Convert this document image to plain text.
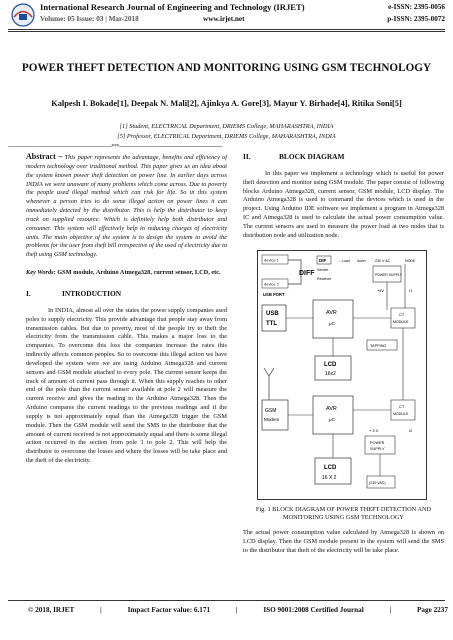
International Research Journal of Engineering and Technology (IRJET)
Volume: 05 Issue: 03 | Mar-2018	www.irjet.net
e-ISSN: 2395-0056
p-ISSN: 2395-0072
POWER THEFT DETECTION AND MONITORING USING GSM TECHNOLOGY
Kalpesh I. Bokade[1], Deepak N. Mali[2], Ajinkya A. Gore[3], Mayur Y. Birhade[4], Ritika Soni[5]
[1] Student, ELECTRICAL Department, DRIEMS College, MAHARASHTRA, INDIA
[5] Professor, ELECTRICAL Department, DRIEMS College, MAHARASHTRA, INDIA
---------------------------------------------------------------------***---------------------------------------------------------------------
Abstract – This paper represents the advantage, benefits and efficiency of modern technology over traditional method. This paper gives us an idea about the system known power theft detection on power line. In earlier days across INDIA we were unaware of many problems which come across. Due to poverty the people used illegal method which can risk for life. So in this system whenever a person tries to do some illegal action on power lines it can immediately detected by the distributor. This is help the distributor to keep track on supplied resource. Which is definitely help both distributor and consumer. This system will effectively help in reducing charges of electricity units. The main objective of the system is to design the system to avoid the problems for the user from theft bill irrespective of the used of electricity due to theft using GSM technology.
Key Words: GSM module, Arduino Atmega328, current sensor, LCD, etc.
I.	INTRODUCTION
In INDIA, almost all over the states the power supply companies used poles to supply electricity. This provide advantage that people stay away from transmission cables. But due to poverty, most of the people try to theft the electricity from the transmission cable. This makes a major loss to the companies. To overcome this loss the companies increase the rates this indirectly affects common peoples. So to overcome this illegal action we have developed the system were we are using Arduino Atmega328 and current sensors and GSM module attached to every pole. The current sensor keeps the track of amount of current pass through it. When this supply reaches to other end of the pole than the current sensor available at pole 2 will measure the current receive and gives the reading to the Arduino Atmega328. Then the Arduino compares the current readings to the previous readings and if the supply is not approximately equal than the Atmega328 trigger the GSM module. Then the GSM module will send the SMS to the distributor that the amount of current received is not approximately equal and there is some illegal action occurred in the section from pole 1 to pole 2. This will help the distributor to overcome the losses and where the losses will be take place and the theft of the electricity.
II.	BLOCK DIAGRAM
In this paper we implement a technology which is useful for power theft detection and monitor using GSM module. The paper consist of following blocks Arduino Atmega328, current sensor, GSM module, LCD display. The Arduino Atmega328 is used to command the devices which is used in the project. Using Arduino IDE software we implement a program in Atmega328 IC and Atmega328 is used to calculate the actual power consumption value. The current sensors are used to measure the power load at two nodes that is distribution node and utilization node.
device 1
device 2
DIFF
DIF
Sender
Receiver
→ Load down	230 V AC	NODE
POWER SUPPLY
USB PORT
+5V	I1
USB
TTL
AVR
μC
CT
MODULE
TAPPING
LCD
16x2
GSM
Modem
AVR
μC
CT
MODULE
+ 5 V	I2
POWER
SUPPLY
(230 VAC)
LCD
16 X 2
Fig. 1 BLOCK DIAGRAM OF POWER THEFT DETECTION AND MONITORING USING GSM TECHNOLOGY
The actual power consumption value calculated by Atmega328 is shown on LCD display. Then the GSM module present in the system will send the SMS to the distributor that theft of the electricity will be take place.
© 2018, IRJET	|	Impact Factor value: 6.171	|	ISO 9001:2008 Certified Journal	|	Page 2237
